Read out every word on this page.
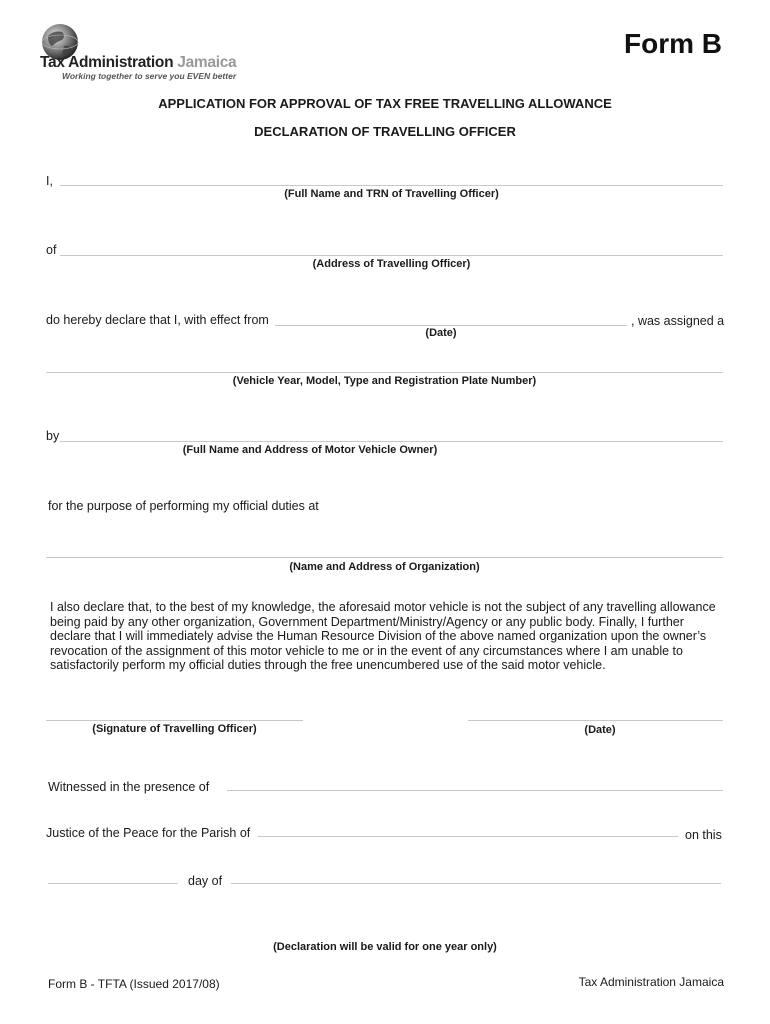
Tax Administration Jamaica
Working together to serve you EVEN better
Form B
APPLICATION FOR APPROVAL OF TAX FREE TRAVELLING ALLOWANCE
DECLARATION OF TRAVELLING OFFICER
I,
(Full Name and TRN of Travelling Officer)
of
(Address of Travelling Officer)
do hereby declare that I, with effect from	, was assigned a
(Date)
(Vehicle Year, Model, Type and Registration Plate Number)
by
(Full Name and Address of Motor Vehicle Owner)
for the purpose of performing my official duties at
(Name and Address of Organization)
I also declare that, to the best of my knowledge, the aforesaid motor vehicle is not the subject of any travelling allowance
being paid by any other organization, Government Department/Ministry/Agency or any public body. Finally, I further
declare that I will immediately advise the Human Resource Division of the above named organization upon the owner’s
revocation of the assignment of this motor vehicle to me or in the event of any circumstances where I am unable to
satisfactorily perform my official duties through the free unencumbered use of the said motor vehicle.
(Signature of Travelling Officer)	(Date)
Witnessed in the presence of
Justice of the Peace for the Parish of	on this
day of
(Declaration will be valid for one year only)
Form B - TFTA (Issued 2017/08)	Tax Administration Jamaica
